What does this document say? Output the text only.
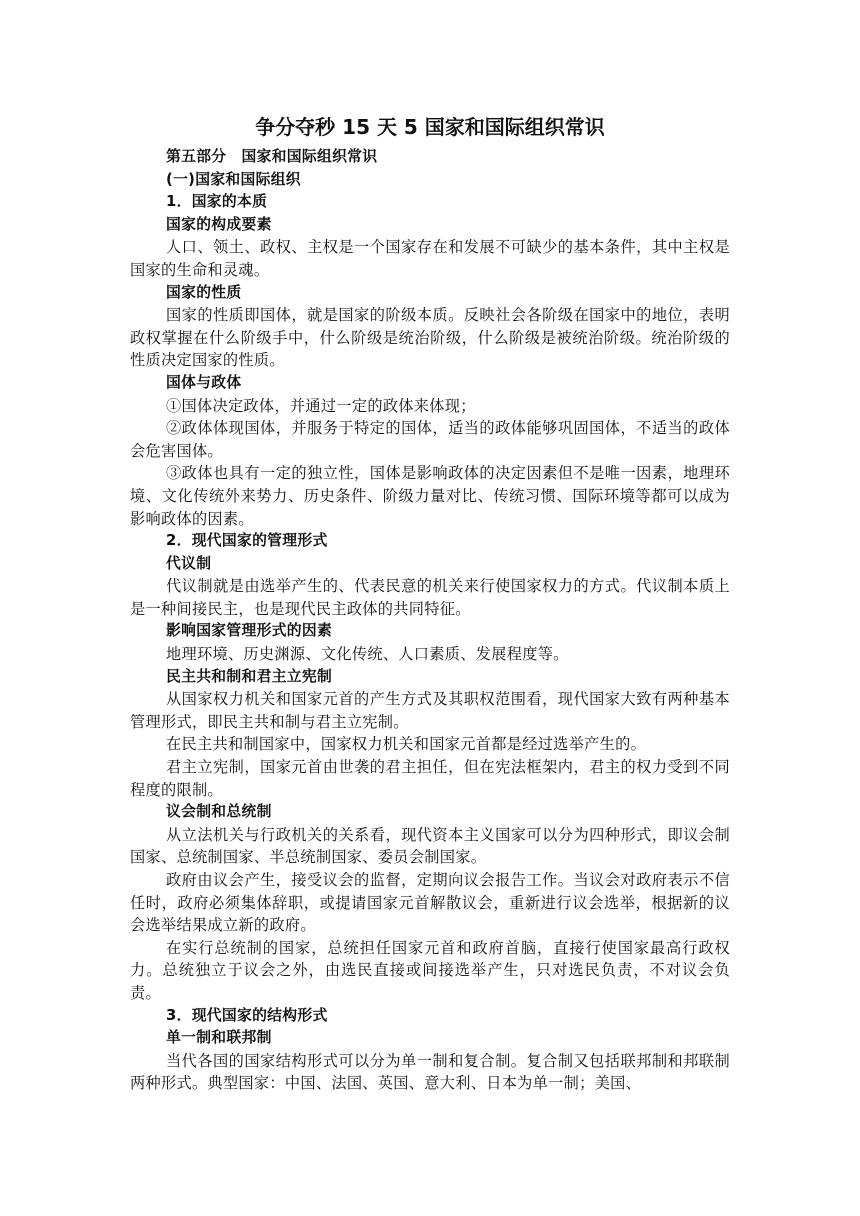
争分夺秒 15 天 5 国家和国际组织常识
第五部分　国家和国际组织常识
(一)国家和国际组织
1．国家的本质
国家的构成要素
人口、领土、政权、主权是一个国家存在和发展不可缺少的基本条件，其中主权是国家的生命和灵魂。
国家的性质
国家的性质即国体，就是国家的阶级本质。反映社会各阶级在国家中的地位，表明政权掌握在什么阶级手中，什么阶级是统治阶级，什么阶级是被统治阶级。统治阶级的性质决定国家的性质。
国体与政体
①国体决定政体，并通过一定的政体来体现；
②政体体现国体，并服务于特定的国体，适当的政体能够巩固国体，不适当的政体会危害国体。
③政体也具有一定的独立性，国体是影响政体的决定因素但不是唯一因素，地理环境、文化传统外来势力、历史条件、阶级力量对比、传统习惯、国际环境等都可以成为影响政体的因素。
2．现代国家的管理形式
代议制
代议制就是由选举产生的、代表民意的机关来行使国家权力的方式。代议制本质上是一种间接民主，也是现代民主政体的共同特征。
影响国家管理形式的因素
地理环境、历史渊源、文化传统、人口素质、发展程度等。
民主共和制和君主立宪制
从国家权力机关和国家元首的产生方式及其职权范围看，现代国家大致有两种基本管理形式，即民主共和制与君主立宪制。
在民主共和制国家中，国家权力机关和国家元首都是经过选举产生的。
君主立宪制，国家元首由世袭的君主担任，但在宪法框架内，君主的权力受到不同程度的限制。
议会制和总统制
从立法机关与行政机关的关系看，现代资本主义国家可以分为四种形式，即议会制国家、总统制国家、半总统制国家、委员会制国家。
政府由议会产生，接受议会的监督，定期向议会报告工作。当议会对政府表示不信任时，政府必须集体辞职，或提请国家元首解散议会，重新进行议会选举，根据新的议会选举结果成立新的政府。
在实行总统制的国家，总统担任国家元首和政府首脑，直接行使国家最高行政权力。总统独立于议会之外，由选民直接或间接选举产生，只对选民负责，不对议会负责。
3．现代国家的结构形式
单一制和联邦制
当代各国的国家结构形式可以分为单一制和复合制。复合制又包括联邦制和邦联制两种形式。典型国家：中国、法国、英国、意大利、日本为单一制；美国、
